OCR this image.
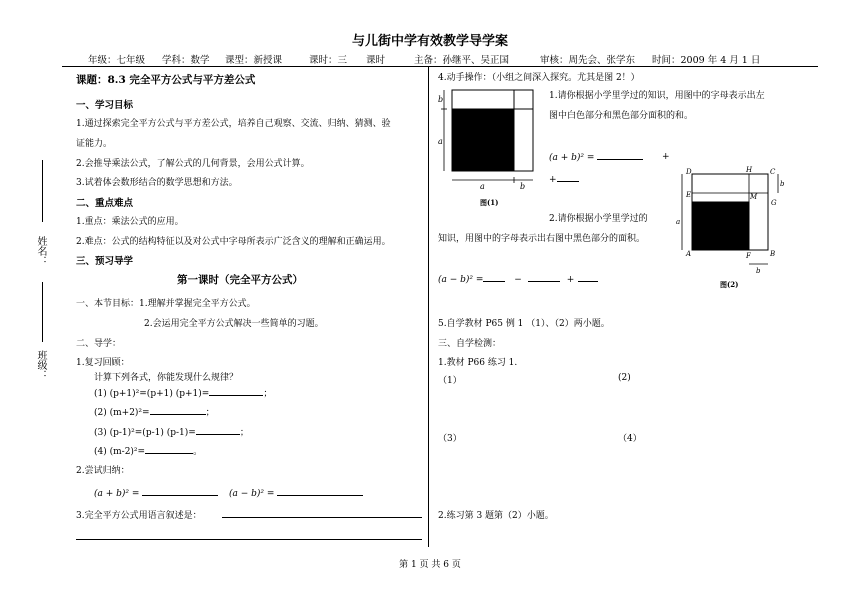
与儿街中学有效教学导学案
年级：七年级 学科：数学 课型：新授课	课时：三 课时	主备：孙继平、吴正国	审核：周先会、张学东 时间：2009 年 4 月 1 日
姓名：
班级：
课题：8.3 完全平方公式与平方差公式
一、学习目标
1.通过探索完全平方公式与平方差公式，培养自己观察、交流、归纳、猜测、验
证能力。
2.会推导乘法公式，了解公式的几何背景，会用公式计算。
3.试着体会数形结合的数学思想和方法。
二、重点难点
1.重点：乘法公式的应用。
2.难点：公式的结构特征以及对公式中字母所表示广泛含义的理解和正确运用。
三、预习导学
第一课时（完全平方公式）
一、本节目标：1.理解并掌握完全平方公式。
2.会运用完全平方公式解决一些简单的习题。
二、导学：
1.复习回顾：
计算下列各式，你能发现什么规律？
(1) (p+1)²=(p+1) (p+1)=	；
(2) (m+2)²=	；
(3) (p-1)²=(p-1) (p-1)=	；
(4) (m-2)²=	。
2.尝试归纳：
(a + b)² =	(a − b)² =
3.完全平方公式用语言叙述是：
4.动手操作：（小组之间深入探究。尤其是图 2！）
b
a
a	b
图(1)
1.请你根据小学里学过的知识，用图中的字母表示出左
图中白色部分和黑色部分面积的和。
(a + b)² =	+
+
D	H	C
E	M
G
A	F	B
a
b
b
图(2)
2.请你根据小学里学过的
知识，用图中的字母表示出右图中黑色部分的面积。
(a − b)² =	−	+
5.自学教材 P65 例 1 （1）、（2）两小题。
三、自学检测：
1.教材 P66 练习 1.
（1）	(2)
（3）	（4）
2.练习第 3 题第（2）小题。
第 1 页 共 6 页
